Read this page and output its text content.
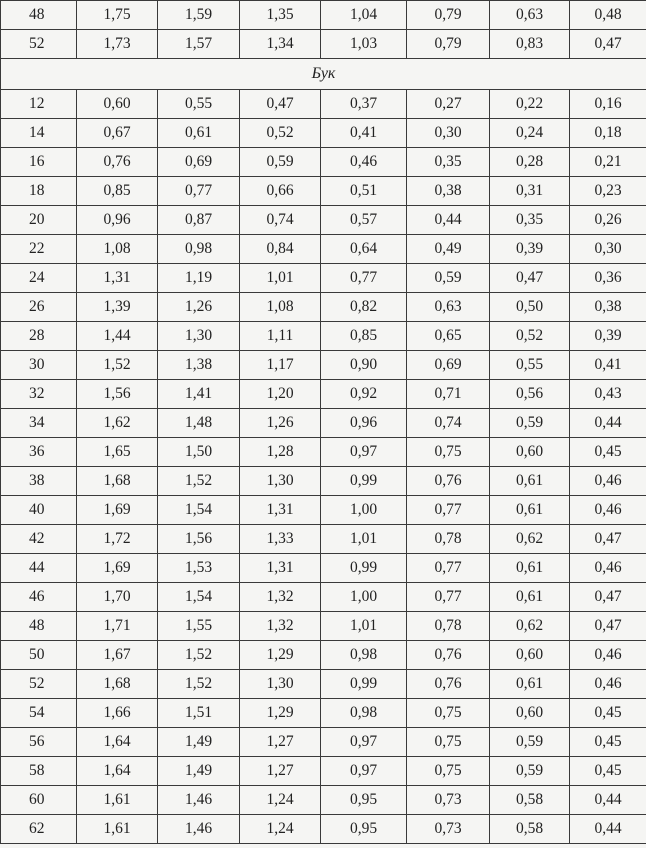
48	1,75	1,59	1,35	1,04	0,79	0,63	0,48
52	1,73	1,57	1,34	1,03	0,79	0,83	0,47
Бук							
12	0,60	0,55	0,47	0,37	0,27	0,22	0,16
14	0,67	0,61	0,52	0,41	0,30	0,24	0,18
16	0,76	0,69	0,59	0,46	0,35	0,28	0,21
18	0,85	0,77	0,66	0,51	0,38	0,31	0,23
20	0,96	0,87	0,74	0,57	0,44	0,35	0,26
22	1,08	0,98	0,84	0,64	0,49	0,39	0,30
24	1,31	1,19	1,01	0,77	0,59	0,47	0,36
26	1,39	1,26	1,08	0,82	0,63	0,50	0,38
28	1,44	1,30	1,11	0,85	0,65	0,52	0,39
30	1,52	1,38	1,17	0,90	0,69	0,55	0,41
32	1,56	1,41	1,20	0,92	0,71	0,56	0,43
34	1,62	1,48	1,26	0,96	0,74	0,59	0,44
36	1,65	1,50	1,28	0,97	0,75	0,60	0,45
38	1,68	1,52	1,30	0,99	0,76	0,61	0,46
40	1,69	1,54	1,31	1,00	0,77	0,61	0,46
42	1,72	1,56	1,33	1,01	0,78	0,62	0,47
44	1,69	1,53	1,31	0,99	0,77	0,61	0,46
46	1,70	1,54	1,32	1,00	0,77	0,61	0,47
48	1,71	1,55	1,32	1,01	0,78	0,62	0,47
50	1,67	1,52	1,29	0,98	0,76	0,60	0,46
52	1,68	1,52	1,30	0,99	0,76	0,61	0,46
54	1,66	1,51	1,29	0,98	0,75	0,60	0,45
56	1,64	1,49	1,27	0,97	0,75	0,59	0,45
58	1,64	1,49	1,27	0,97	0,75	0,59	0,45
60	1,61	1,46	1,24	0,95	0,73	0,58	0,44
62	1,61	1,46	1,24	0,95	0,73	0,58	0,44
